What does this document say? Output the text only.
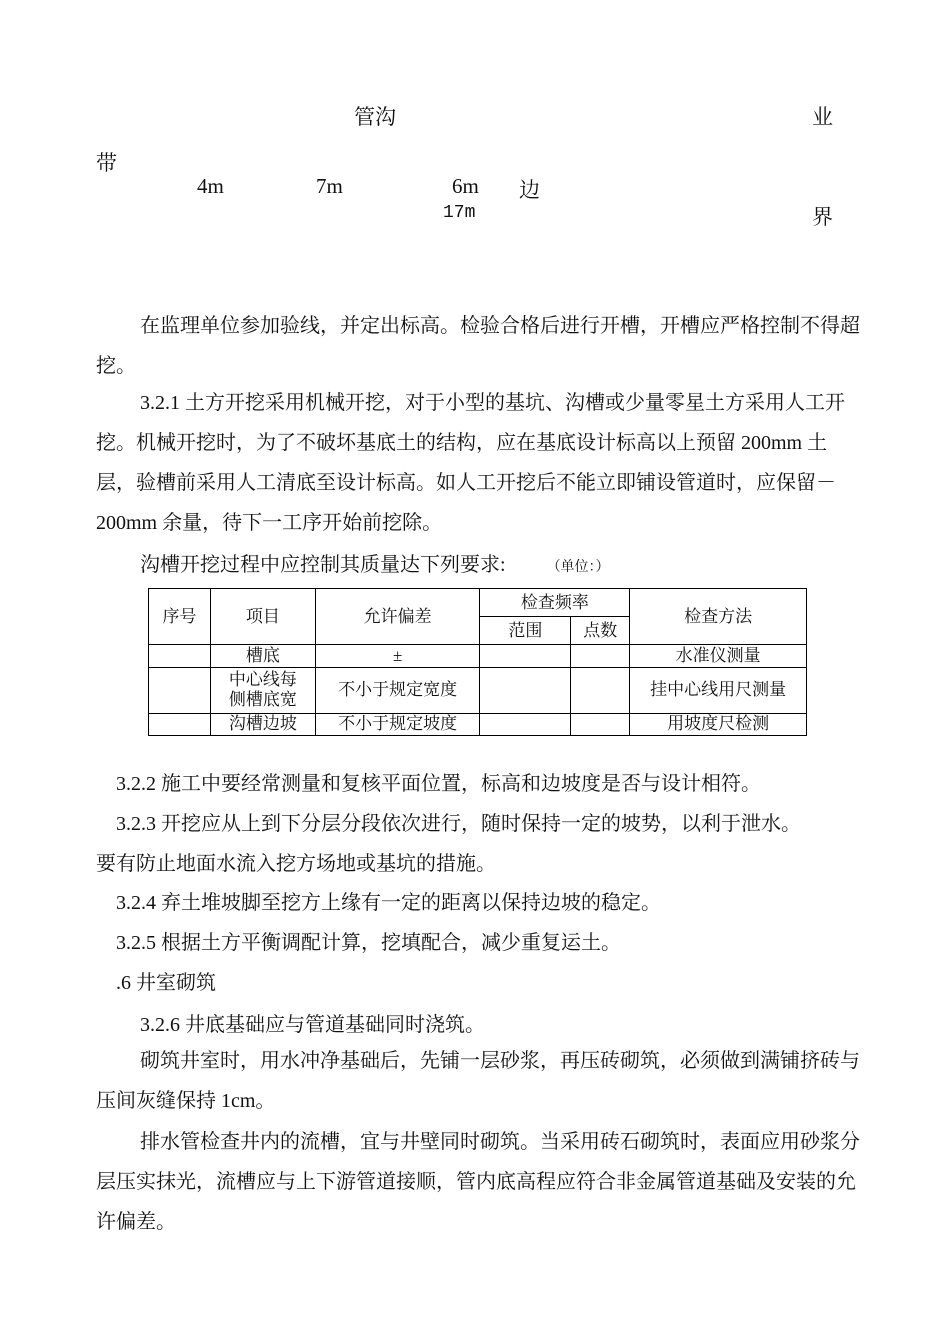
管沟	业
带
4m	7m	6m 边
17m	界
在监理单位参加验线，并定出标高。检验合格后进行开槽，开槽应严格控制不得超挖。
3.2.1 土方开挖采用机械开挖，对于小型的基坑、沟槽或少量零星土方采用人工开挖。机械开挖时，为了不破坏基底土的结构，应在基底设计标高以上预留 200mm 土层，验槽前采用人工清底至设计标高。如人工开挖后不能立即铺设管道时，应保留－200mm 余量，待下一工序开始前挖除。
沟槽开挖过程中应控制其质量达下列要求:	（单位：）
序号	项目	允许偏差	检查频率		检查方法
			范围	点数	
	槽底	±			水准仪测量
	中心线每侧槽底宽	不小于规定宽度			挂中心线用尺测量
	沟槽边坡	不小于规定坡度			用坡度尺检测
3.2.2 施工中要经常测量和复核平面位置，标高和边坡度是否与设计相符。
3.2.3 开挖应从上到下分层分段依次进行，随时保持一定的坡势，以利于泄水。
要有防止地面水流入挖方场地或基坑的措施。
3.2.4 弃土堆坡脚至挖方上缘有一定的距离以保持边坡的稳定。
3.2.5 根据土方平衡调配计算，挖填配合，减少重复运土。
.6 井室砌筑
3.2.6 井底基础应与管道基础同时浇筑。
砌筑井室时，用水冲净基础后，先铺一层砂浆，再压砖砌筑，必须做到满铺挤砖与压间灰缝保持 1cm。
排水管检查井内的流槽，宜与井壁同时砌筑。当采用砖石砌筑时，表面应用砂浆分层压实抹光，流槽应与上下游管道接顺，管内底高程应符合非金属管道基础及安装的允许偏差。
